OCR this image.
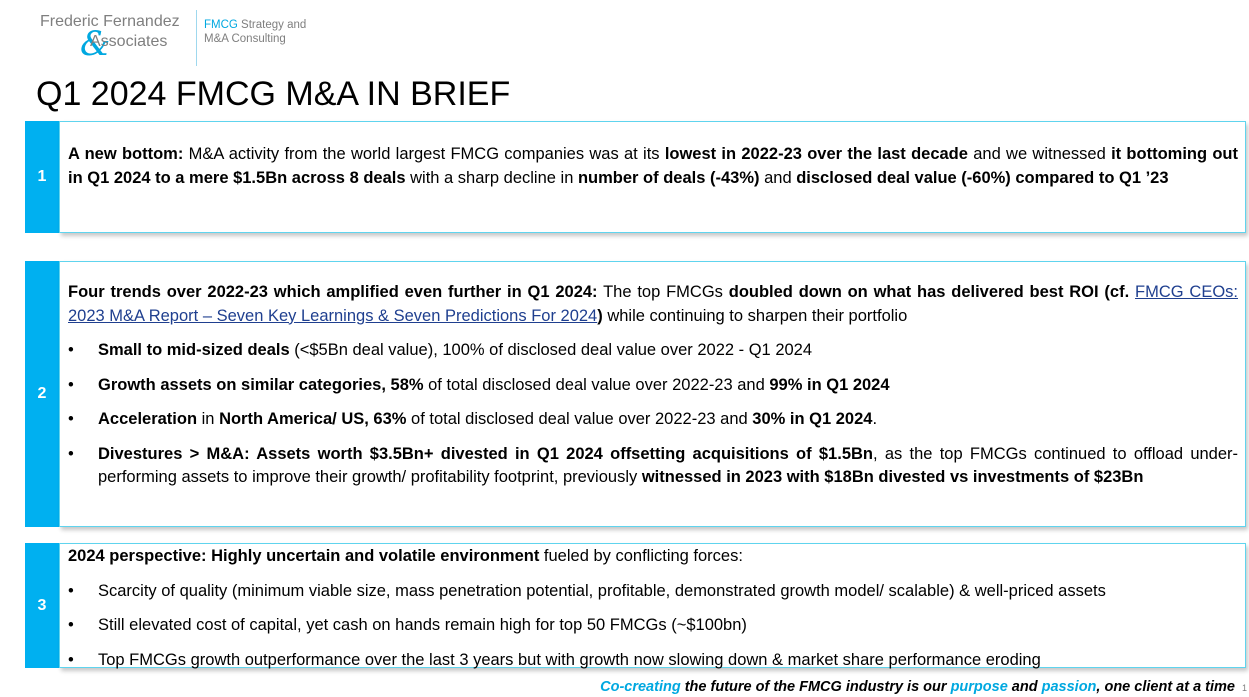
Frederic Fernandez
&
Associates
FMCG Strategy and
M&A Consulting
Q1 2024 FMCG M&A IN BRIEF
1

A new bottom: M&A activity from the world largest FMCG companies was at its lowest in 2022-23 over the last decade and we witnessed it bottoming out in Q1 2024 to a mere $1.5Bn across 8 deals with a sharp decline in number of deals (-43%) and disclosed deal value (-60%) compared to Q1 ’23

2

Four trends over 2022-23 which amplified even further in Q1 2024: The top FMCGs doubled down on what has delivered best ROI (cf. FMCG CEOs: 2023 M&A Report – Seven Key Learnings & Seven Predictions For 2024) while continuing to sharpen their portfolio

• Small to mid-sized deals (<$5Bn deal value), 100% of disclosed deal value over 2022 - Q1 2024

• Growth assets on similar categories, 58% of total disclosed deal value over 2022-23 and 99% in Q1 2024

• Acceleration in North America/ US, 63% of total disclosed deal value over 2022-23 and 30% in Q1 2024.

• Divestures > M&A: Assets worth $3.5Bn+ divested in Q1 2024 offsetting acquisitions of $1.5Bn, as the top FMCGs continued to offload under-performing assets to improve their growth/ profitability footprint, previously witnessed in 2023 with $18Bn divested vs investments of $23Bn

3

2024 perspective: Highly uncertain and volatile environment fueled by conflicting forces:

• Scarcity of quality (minimum viable size, mass penetration potential, profitable, demonstrated growth model/ scalable) & well-priced assets

• Still elevated cost of capital, yet cash on hands remain high for top 50 FMCGs (~$100bn)

• Top FMCGs growth outperformance over the last 3 years but with growth now slowing down & market share performance eroding

Co-creating the future of the FMCG industry is our purpose and passion, one client at a time 1
